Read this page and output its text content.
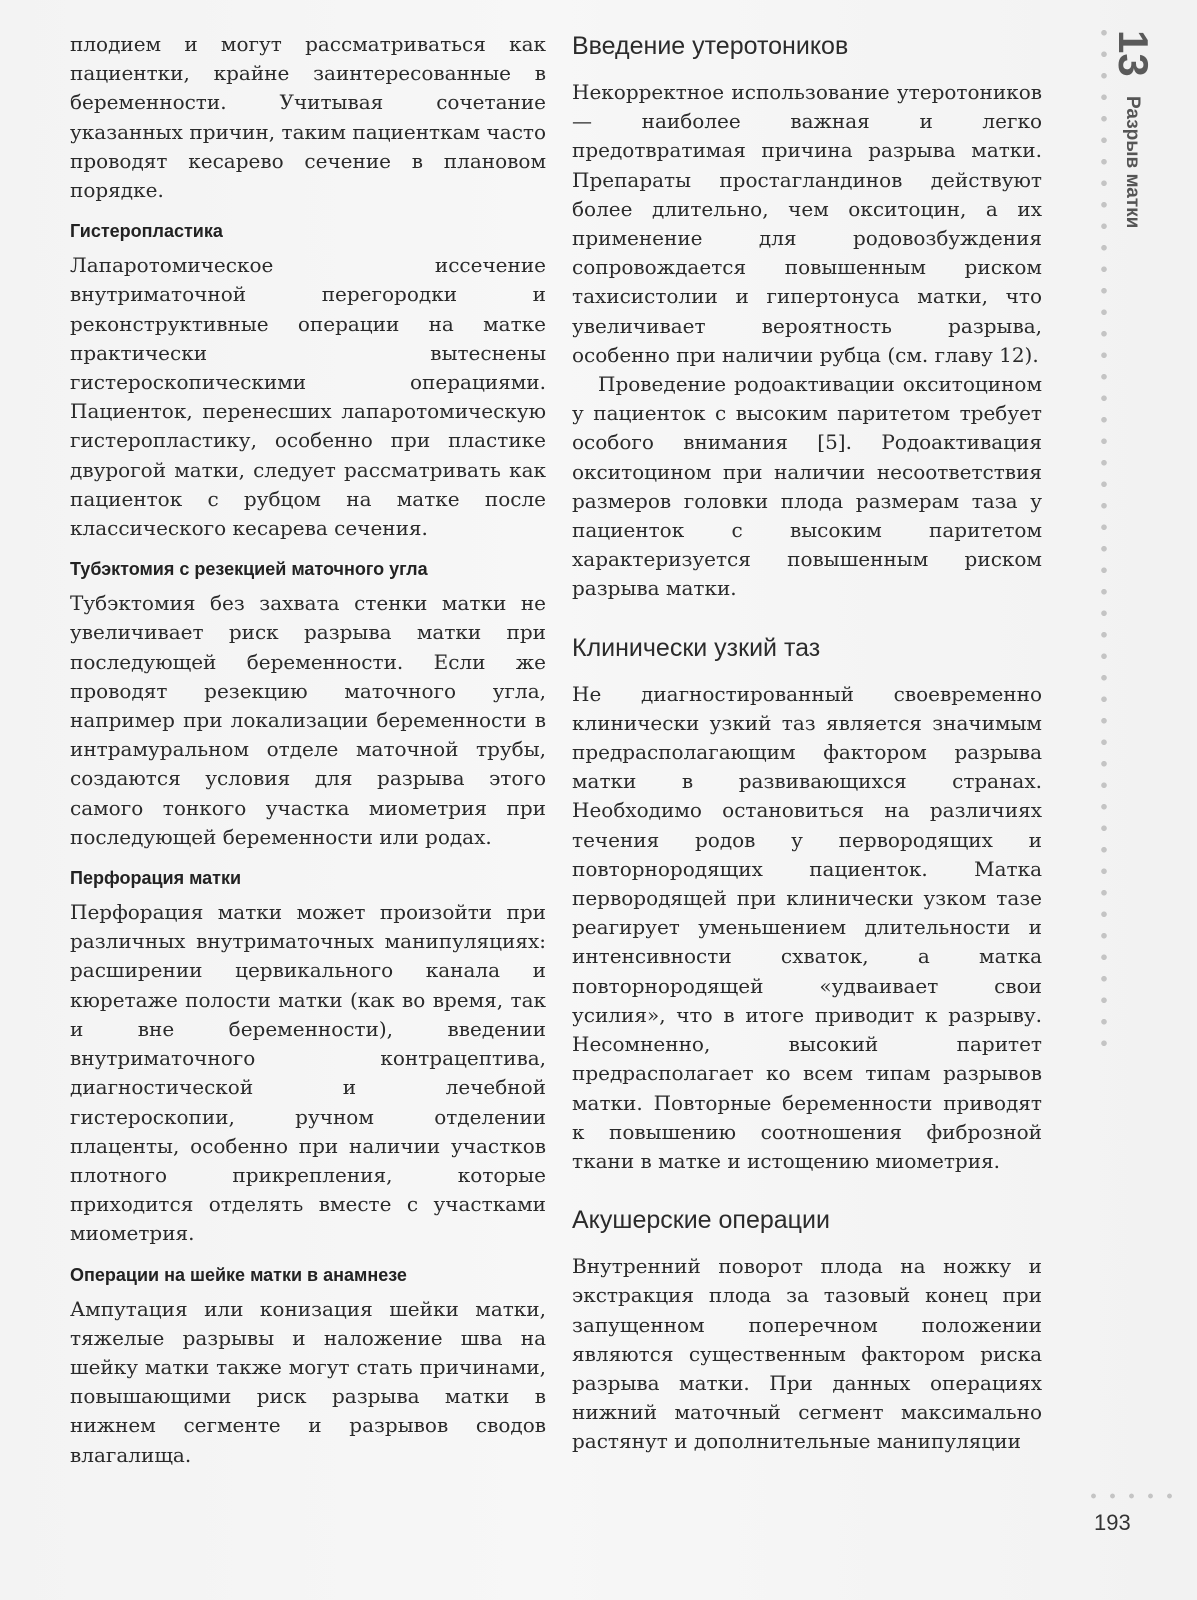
плодием и могут рассматриваться как пациентки, крайне заинтересованные в беременности. Учитывая сочетание указанных причин, таким пациенткам часто проводят кесарево сечение в плановом порядке.

Гистеропластика

Лапаротомическое иссечение внутриматочной перегородки и реконструктивные операции на матке практически вытеснены гистероскопическими операциями. Пациенток, перенесших лапаротомическую гистеропластику, особенно при пластике двурогой матки, следует рассматривать как пациенток с рубцом на матке после классического кесарева сечения.

Тубэктомия с резекцией маточного угла

Тубэктомия без захвата стенки матки не увеличивает риск разрыва матки при последующей беременности. Если же проводят резекцию маточного угла, например при локализации беременности в интрамуральном отделе маточной трубы, создаются условия для разрыва этого самого тонкого участка миометрия при последующей беременности или родах.

Перфорация матки

Перфорация матки может произойти при различных внутриматочных манипуляциях: расширении цервикального канала и кюретаже полости матки (как во время, так и вне беременности), введении внутриматочного контрацептива, диагностической и лечебной гистероскопии, ручном отделении плаценты, особенно при наличии участков плотного прикрепления, которые приходится отделять вместе с участками миометрия.

Операции на шейке матки в анамнезе

Ампутация или конизация шейки матки, тяжелые разрывы и наложение шва на шейку матки также могут стать причинами, повышающими риск разрыва матки в нижнем сегменте и разрывов сводов влагалища.

Введение утеротоников

Некорректное использование утеротоников — наиболее важная и легко предотвратимая причина разрыва матки. Препараты простагландинов действуют более длительно, чем окситоцин, а их применение для родовозбуждения сопровождается повышенным риском тахисистолии и гипертонуса матки, что увеличивает вероятность разрыва, особенно при наличии рубца (см. главу 12).

Проведение родоактивации окситоцином у пациенток с высоким паритетом требует особого внимания [5]. Родоактивация окситоцином при наличии несоответствия размеров головки плода размерам таза у пациенток с высоким паритетом характеризуется повышенным риском разрыва матки.

Клинически узкий таз

Не диагностированный своевременно клинически узкий таз является значимым предрасполагающим фактором разрыва матки в развивающихся странах. Необходимо остановиться на различиях течения родов у первородящих и повторнородящих пациенток. Матка первородящей при клинически узком тазе реагирует уменьшением длительности и интенсивности схваток, а матка повторнородящей «удваивает свои усилия», что в итоге приводит к разрыву. Несомненно, высокий паритет предрасполагает ко всем типам разрывов матки. Повторные беременности приводят к повышению соотношения фиброзной ткани в матке и истощению миометрия.

Акушерские операции

Внутренний поворот плода на ножку и экстракция плода за тазовый конец при запущенном поперечном положении являются существенным фактором риска разрыва матки. При данных операциях нижний маточный сегмент максимально растянут и дополнительные манипуляции

13
Разрыв матки
193
